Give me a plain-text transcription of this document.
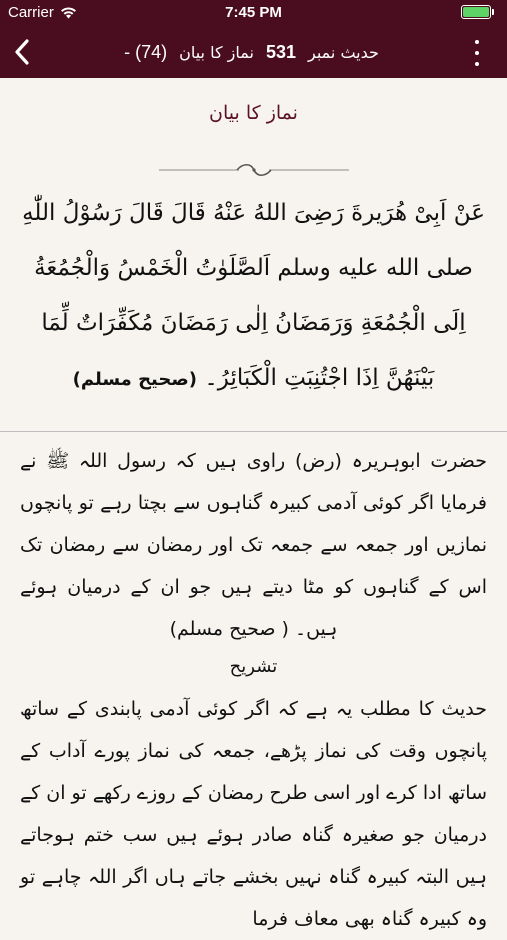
Carrier	7:45 PM
حدیث نمبر
531
نماز کا بیان
- (74)
نماز کا بیان
عَنْ اَبِیْ هُرَیرةَ رَضِیَ اللهُ عَنْهُ قَالَ قَالَ رَسُوْلُ اللّٰهِ صلی الله علیه وسلم اَلصَّلَوٰتُ الْخَمْسُ وَالْجُمُعَةُ اِلَى الْجُمُعَةِ وَرَمَضَانُ اِلٰى رَمَضَانَ مُكَفِّرَاتٌ لِّمَا بَيْنَهُنَّ اِذَا اجْتُنِبَتِ الْكَبَائِرُ۔ (صحیح مسلم)
حضرت ابوہریرہ (رض) راوی ہیں کہ رسول اللہ ﷺ نے فرمایا اگر کوئی آدمی کبیرہ گناہوں سے بچتا رہے تو پانچوں نمازیں اور جمعہ سے جمعہ تک اور رمضان سے رمضان تک اس کے گناہوں کو مٹا دیتے ہیں جو ان کے درمیان ہوئے ہیں۔ ( صحیح مسلم)
تشریح
حدیث کا مطلب یہ ہے کہ اگر کوئی آدمی پابندی کے ساتھ پانچوں وقت کی نماز پڑھے، جمعہ کی نماز پورے آداب کے ساتھ ادا کرے اور اسی طرح رمضان کے روزے رکھے تو ان کے درمیان جو صغیرہ گناہ صادر ہوئے ہیں سب ختم ہوجاتے ہیں البتہ کبیرہ گناہ نہیں بخشے جاتے ہاں اگر اللہ چاہے تو وہ کبیرہ گناہ بھی معاف فرما
